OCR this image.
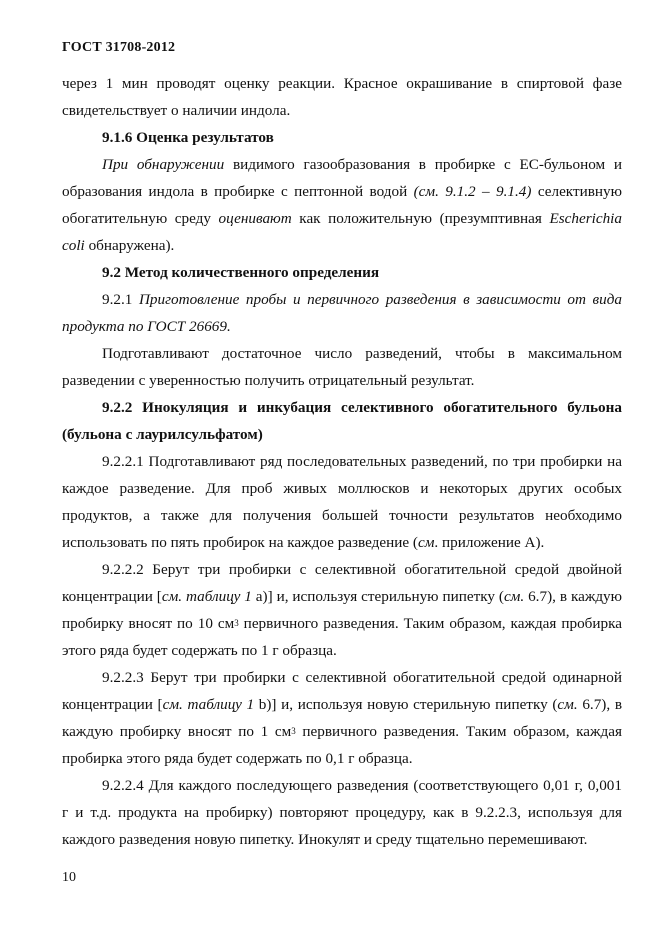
ГОСТ 31708-2012

через 1 мин проводят оценку реакции. Красное окрашивание в спиртовой фазе свидетельствует о наличии индола.

9.1.6 Оценка результатов

При обнаружении видимого газообразования в пробирке с ЕС-бульоном и образования индола в пробирке с пептонной водой (см. 9.1.2 – 9.1.4) селективную обогатительную среду оценивают как положительную (презумптивная Escherichia coli обнаружена).

9.2 Метод количественного определения

9.2.1 Приготовление пробы и первичного разведения в зависимости от вида продукта по ГОСТ 26669.

Подготавливают достаточное число разведений, чтобы в максимальном разведении с уверенностью получить отрицательный результат.

9.2.2 Инокуляция и инкубация селективного обогатительного бульона (бульона с лаурилсульфатом)

9.2.2.1 Подготавливают ряд последовательных разведений, по три пробирки на каждое разведение. Для проб живых моллюсков и некоторых других особых продуктов, а также для получения большей точности результатов необходимо использовать по пять пробирок на каждое разведение (см. приложение А).

9.2.2.2 Берут три пробирки с селективной обогатительной средой двойной концентрации [см. таблицу 1 а)] и, используя стерильную пипетку (см. 6.7), в каждую пробирку вносят по 10 $см^3$ первичного разведения. Таким образом, каждая пробирка этого ряда будет содержать по 1 г образца.

9.2.2.3 Берут три пробирки с селективной обогатительной средой одинарной концентрации [см. таблицу 1 b)] и, используя новую стерильную пипетку (см. 6.7), в каждую пробирку вносят по 1 $см^3$ первичного разведения. Таким образом, каждая пробирка этого ряда будет содержать по 0,1 г образца.

9.2.2.4 Для каждого последующего разведения (соответствующего 0,01 г, 0,001 г и т.д. продукта на пробирку) повторяют процедуру, как в 9.2.2.3, используя для каждого разведения новую пипетку. Инокулят и среду тщательно перемешивают.

10
